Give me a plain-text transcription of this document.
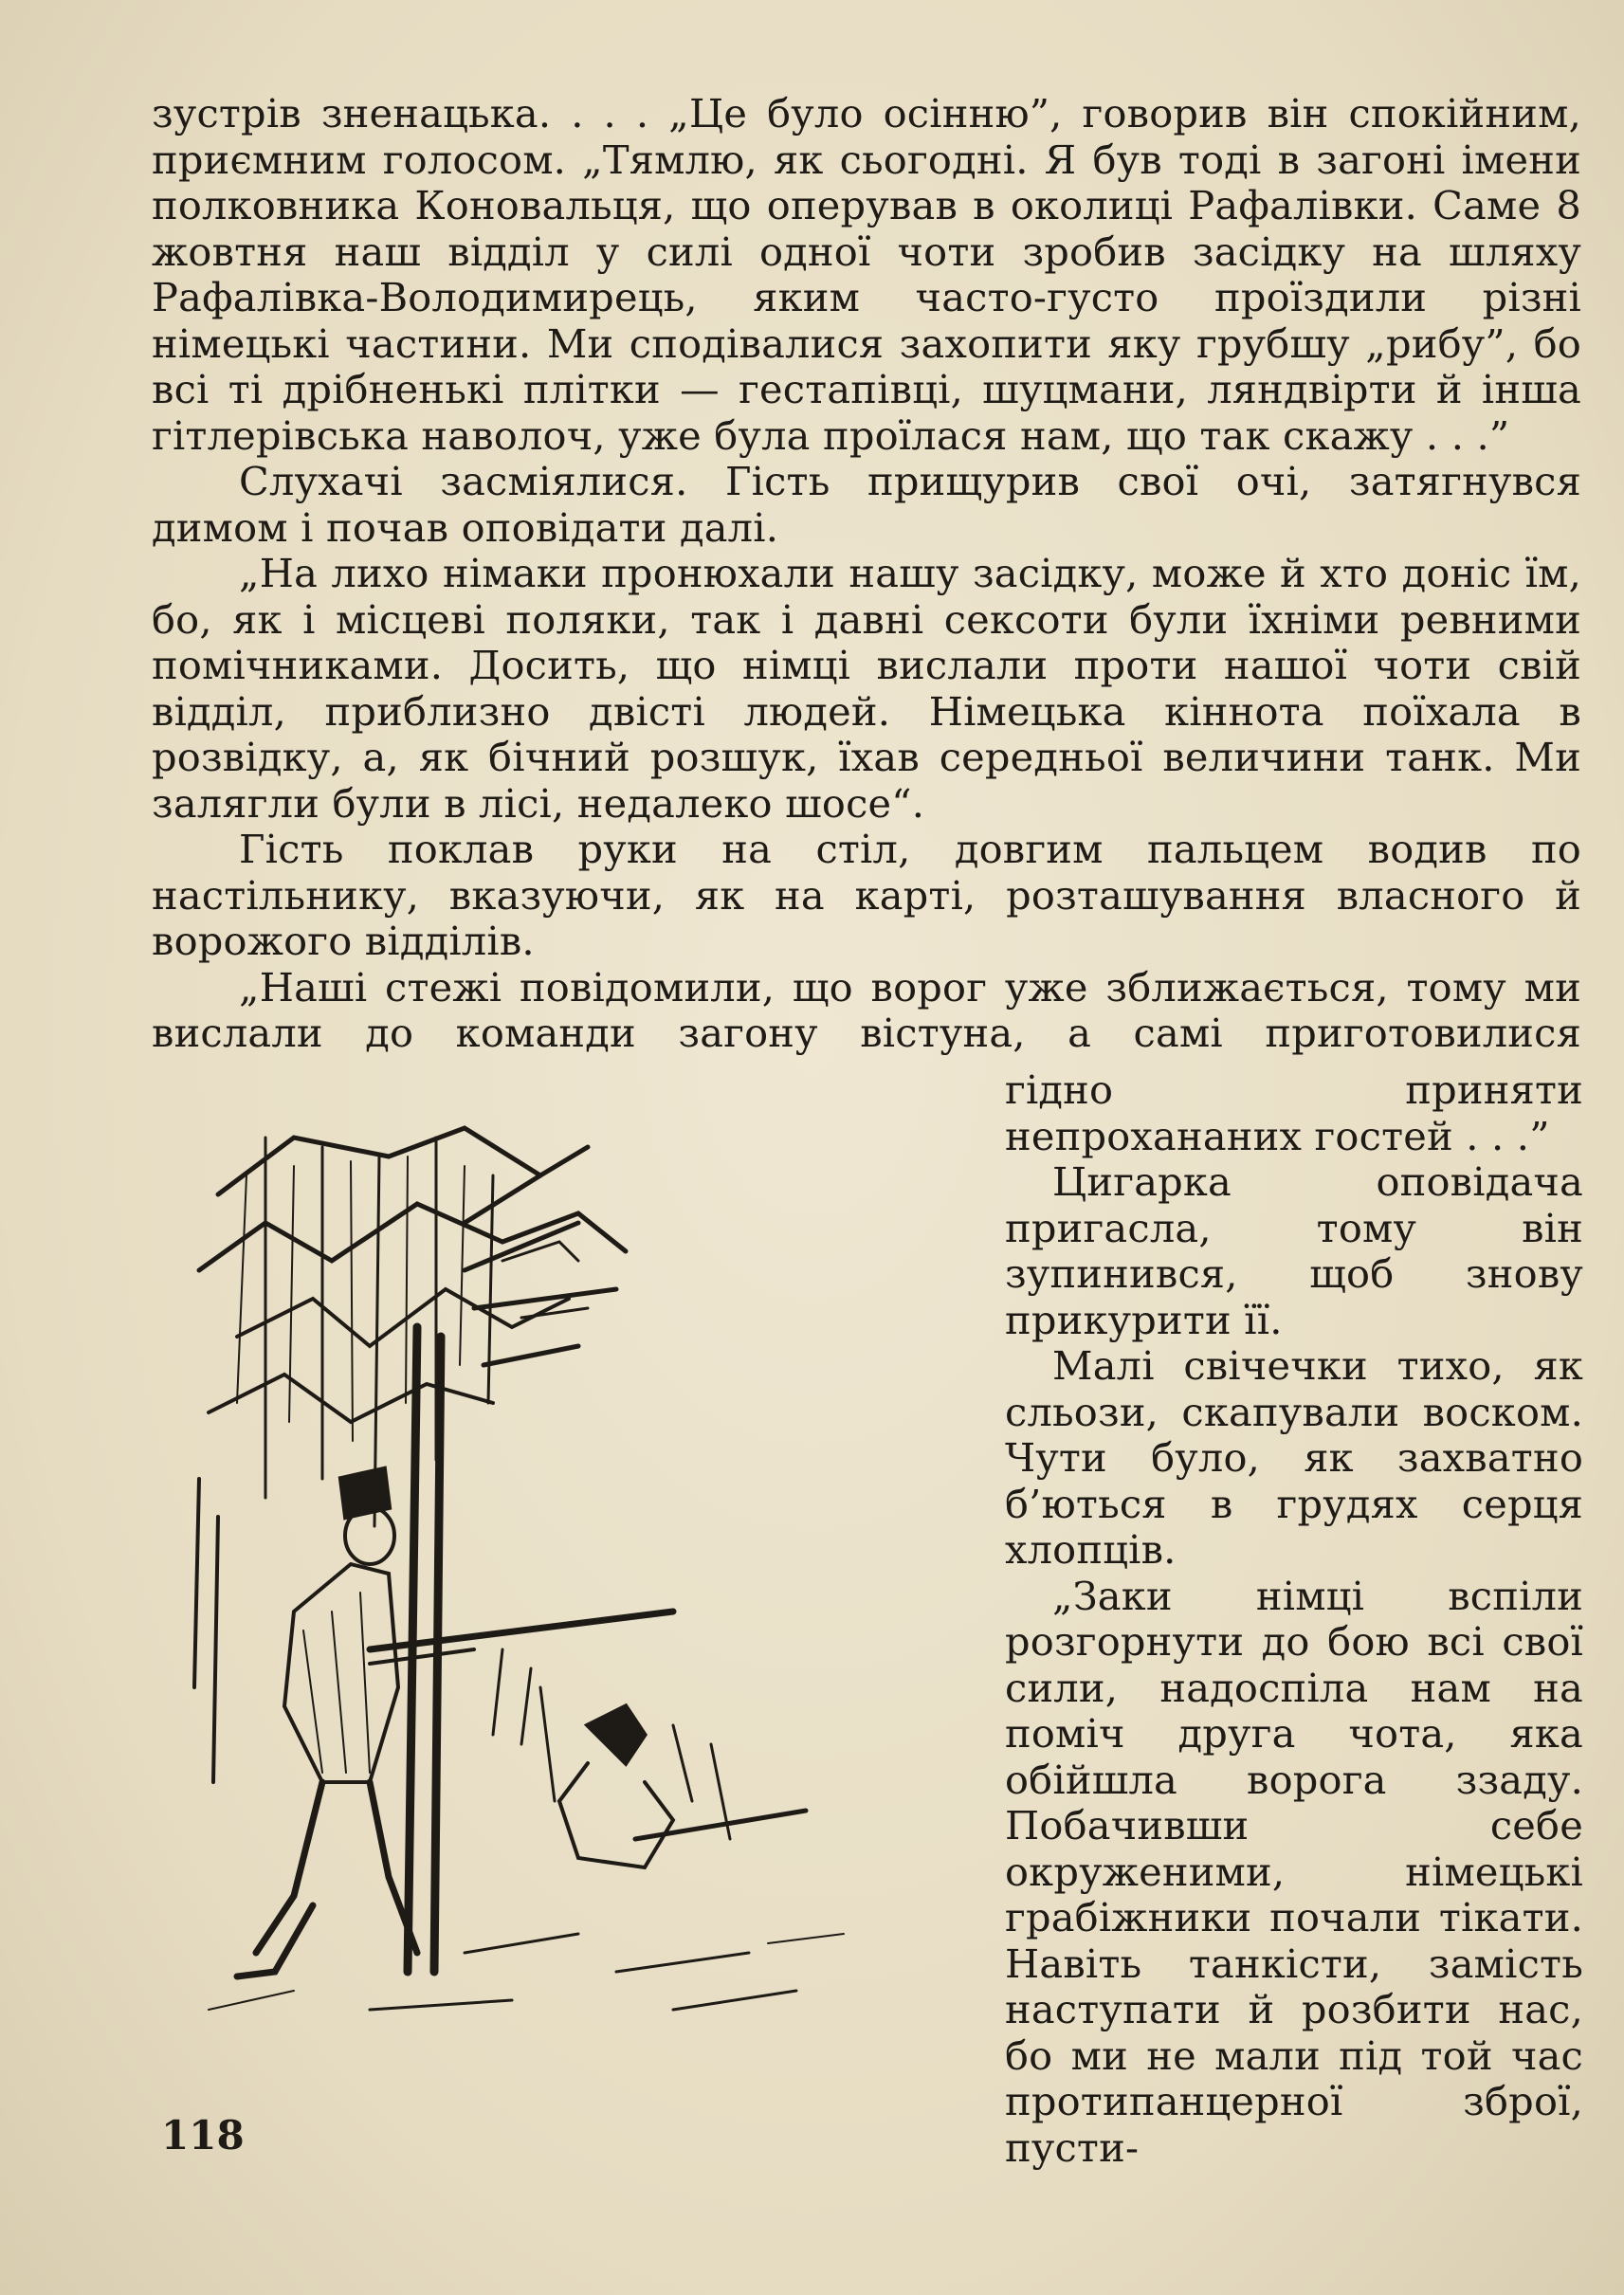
зустрів зненацька. . . . „Це було осінню”, говорив він спокійним, приємним голосом. „Тямлю, як сьогодні. Я був тоді в загоні імени полковника Коновальця, що оперував в околиці Рафалівки. Саме 8 жовтня наш відділ у силі одної чоти зробив засідку на шляху Рафалівка-Володимирець, яким часто-густо проїздили різні німецькі частини. Ми сподівалися захопити яку грубшу „рибу”, бо всі ті дрібненькі плітки — гестапівці, шуцмани, ляндвірти й інша гітлерівська наволоч, уже була проїлася нам, що так скажу . . .”

Слухачі засміялися. Гість прищурив свої очі, затягнувся димом і почав оповідати далі.

„На лихо німаки пронюхали нашу засідку, може й хто доніс їм, бо, як і місцеві поляки, так і давні сексоти були їхніми ревними помічниками. Досить, що німці вислали проти нашої чоти свій відділ, приблизно двісті людей. Німецька кіннота поїхала в розвідку, а, як бічний розшук, їхав середньої величини танк. Ми залягли були в лісі, недалеко шосе“.

Гість поклав руки на стіл, довгим пальцем водив по настільнику, вказуючи, як на карті, розташування власного й ворожого відділів.

„Наші стежі повідомили, що ворог уже зближається, тому ми вислали до команди загону вістуна, а самі приготовилися

гідно приняти непрохананих гостей . . .”

Цигарка оповідача пригасла, тому він зупинився, щоб знову прикурити її.

Малі свічечки тихо, як сльози, скапували воском. Чути було, як захватно б’ються в грудях серця хлопців.

„Заки німці вспіли розгорнути до бою всі свої сили, надоспіла нам на поміч друга чота, яка обійшла ворога ззаду. Побачивши себе окруженими, німецькі грабіжники почали тікати. Навіть танкісти, замість наступати й розбити нас, бо ми не мали під той час протипанцерної зброї, пусти-

118
